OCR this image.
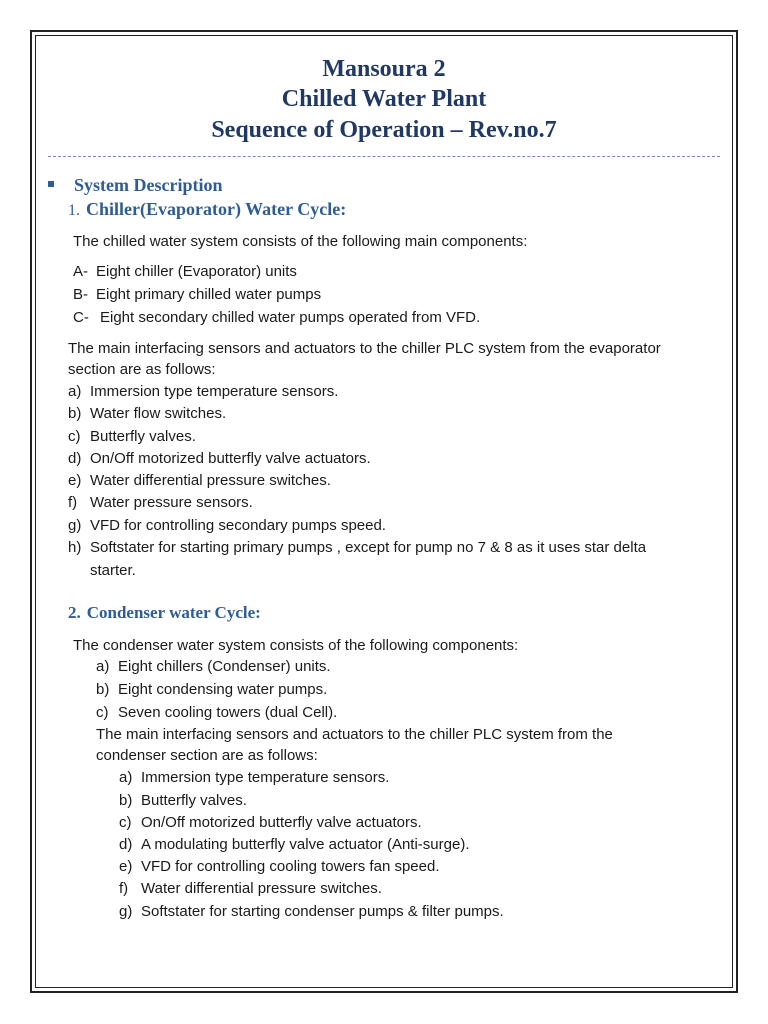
Mansoura 2
Chilled Water Plant
Sequence of Operation – Rev.no.7
System Description
1. Chiller(Evaporator) Water Cycle:
The chilled water system consists of the following main components:
A- Eight chiller (Evaporator) units
B- Eight primary chilled water pumps
C- Eight secondary chilled water pumps operated from VFD.
The main interfacing sensors and actuators to the chiller PLC system from the evaporator
section are as follows:
a) Immersion type temperature sensors.
b) Water flow switches.
c) Butterfly valves.
d) On/Off motorized butterfly valve actuators.
e) Water differential pressure switches.
f) Water pressure sensors.
g) VFD for controlling secondary pumps speed.
h) Softstater for starting primary pumps , except for pump no 7 & 8 as it uses star delta
starter.
2. Condenser water Cycle:
The condenser water system consists of the following components:
a) Eight chillers (Condenser) units.
b) Eight condensing water pumps.
c) Seven cooling towers (dual Cell).
The main interfacing sensors and actuators to the chiller PLC system from the
condenser section are as follows:
a) Immersion type temperature sensors.
b) Butterfly valves.
c) On/Off motorized butterfly valve actuators.
d) A modulating butterfly valve actuator (Anti-surge).
e) VFD for controlling cooling towers fan speed.
f) Water differential pressure switches.
g) Softstater for starting condenser pumps & filter pumps.
